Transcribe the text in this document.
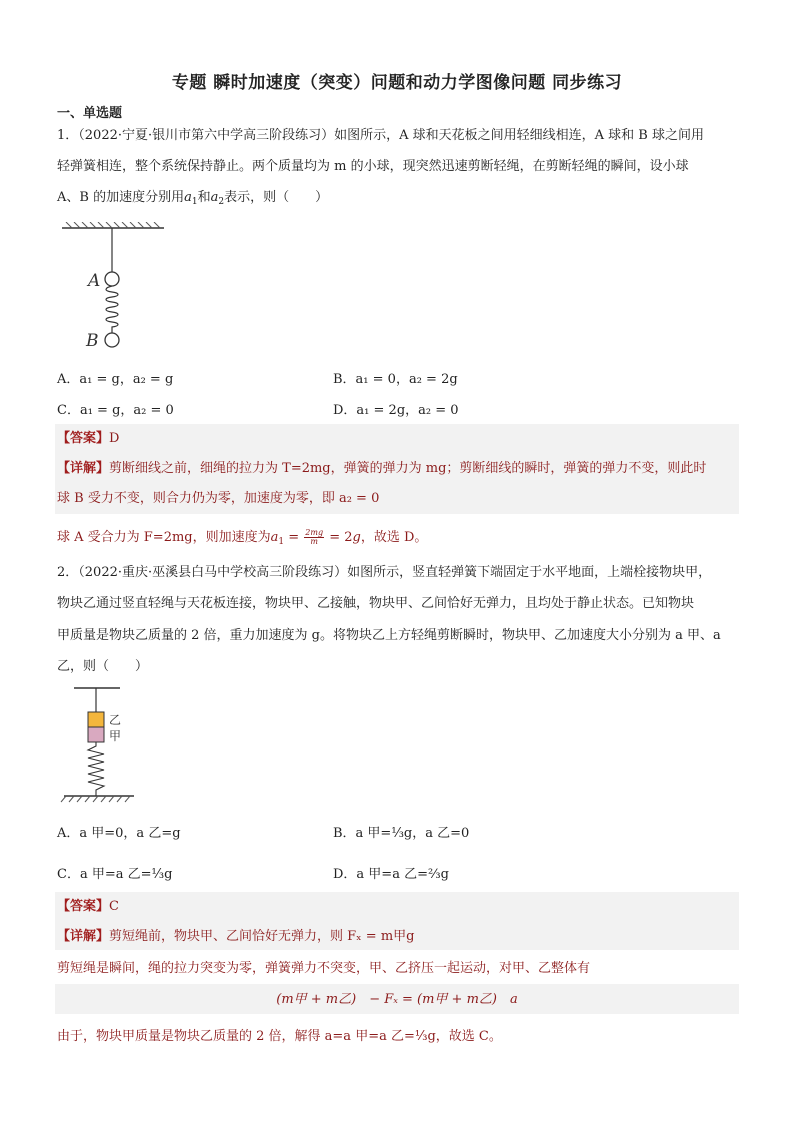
专题 瞬时加速度（突变）问题和动力学图像问题 同步练习
一、单选题
1．（2022·宁夏·银川市第六中学高三阶段练习）如图所示，A 球和天花板之间用轻细线相连，A 球和 B 球之间用
轻弹簧相连，整个系统保持静止。两个质量均为 m 的小球，现突然迅速剪断轻绳，在剪断轻绳的瞬间，设小球
A、B 的加速度分别用$a_1$和$a_2$表示，则（　　）
A
B
A．a₁ = g，a₂ = g	B．a₁ = 0，a₂ = 2g
C．a₁ = g，a₂ = 0	D．a₁ = 2g，a₂ = 0
【答案】D
【详解】剪断细线之前，细绳的拉力为 T=2mg，弹簧的弹力为 mg；剪断细线的瞬时，弹簧的弹力不变，则此时
球 B 受力不变，则合力仍为零，加速度为零，即 a₂ = 0
球 A 受合力为 F=2mg，则加速度为$a_1 = \frac{2mg}{m} = 2g$，故选 D。
2．（2022·重庆·巫溪县白马中学校高三阶段练习）如图所示，竖直轻弹簧下端固定于水平地面，上端栓接物块甲，
物块乙通过竖直轻绳与天花板连接，物块甲、乙接触，物块甲、乙间恰好无弹力，且均处于静止状态。已知物块
甲质量是物块乙质量的 2 倍，重力加速度为 g。将物块乙上方轻绳剪断瞬时，物块甲、乙加速度大小分别为 a 甲、a
乙，则（　　）
乙
甲
A．a 甲=0，a 乙=g	B．a 甲=⅓g，a 乙=0
C．a 甲=a 乙=⅓g	D．a 甲=a 乙=⅔g
【答案】C
【详解】剪短绳前，物块甲、乙间恰好无弹力，则 Fₓ = m甲g
剪短绳是瞬间，绳的拉力突变为零，弹簧弹力不突变，甲、乙挤压一起运动，对甲、乙整体有
(m甲 + m乙)　− Fₓ = (m甲 + m乙)　a
由于，物块甲质量是物块乙质量的 2 倍，解得 a=a 甲=a 乙=⅓g，故选 C。
